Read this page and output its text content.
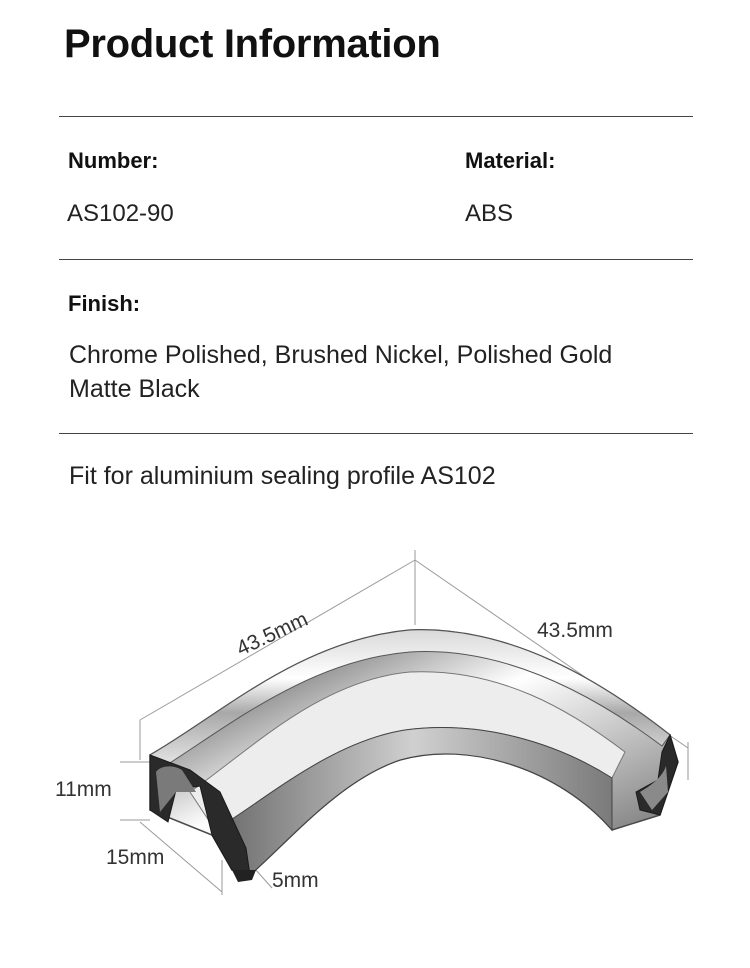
Product Information
Number:
AS102-90
Material:
ABS
Finish:
Chrome Polished, Brushed Nickel, Polished Gold
Matte Black
Fit for aluminium sealing profile AS102
43.5mm	43.5mm
11mm
15mm
5mm
